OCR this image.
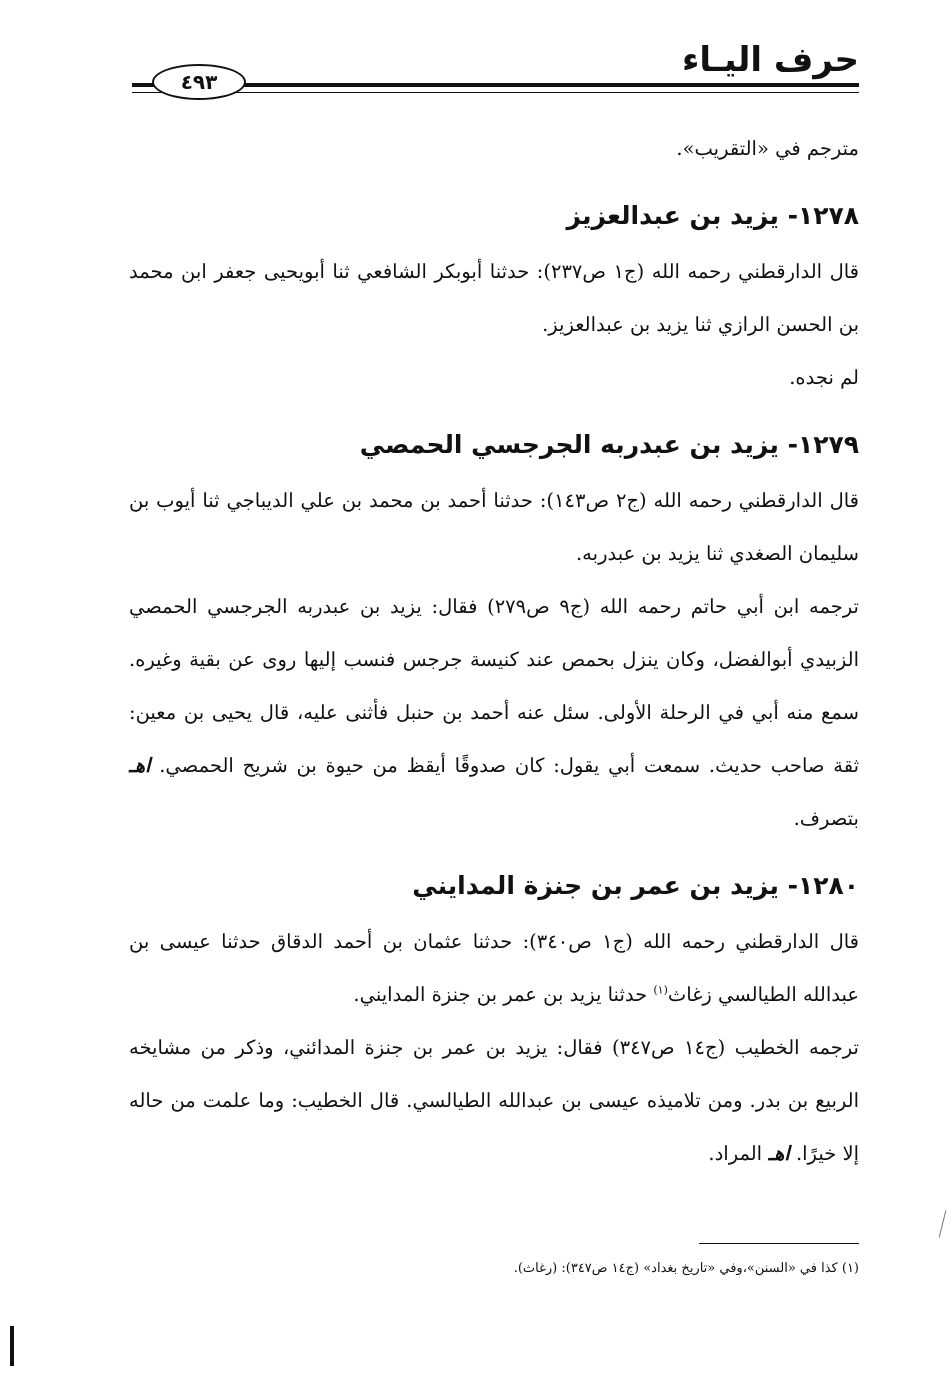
حرف اليـاء
٤٩٣

مترجم في «التقريب».

١٢٧٨- يزيد بن عبدالعزيز

قال الدارقطني رحمه الله (ج١ ص٢٣٧): حدثنا أبوبكر الشافعي ثنا أبويحيى جعفر ابن محمد بن الحسن الرازي ثنا يزيد بن عبدالعزيز.

لم نجده.

١٢٧٩- يزيد بن عبدربه الجرجسي الحمصي

قال الدارقطني رحمه الله (ج٢ ص١٤٣): حدثنا أحمد بن محمد بن علي الديباجي ثنا أيوب بن سليمان الصغدي ثنا يزيد بن عبدربه.

ترجمه ابن أبي حاتم رحمه الله (ج٩ ص٢٧٩) فقال: يزيد بن عبدربه الجرجسي الحمصي الزبيدي أبوالفضل، وكان ينزل بحمص عند كنيسة جرجس فنسب إليها روى عن بقية وغيره. سمع منه أبي في الرحلة الأولى. سئل عنه أحمد بن حنبل فأثنى عليه، قال يحيى بن معين: ثقة صاحب حديث. سمعت أبي يقول: كان صدوقًا أيقظ من حيوة بن شريح الحمصي. اهـ بتصرف.

١٢٨٠- يزيد بن عمر بن جنزة المدايني

قال الدارقطني رحمه الله (ج١ ص٣٤٠): حدثنا عثمان بن أحمد الدقاق حدثنا عيسى بن عبدالله الطيالسي زغاث$^{(١)}$ حدثنا يزيد بن عمر بن جنزة المدايني.

ترجمه الخطيب (ج١٤ ص٣٤٧) فقال: يزيد بن عمر بن جنزة المدائني، وذكر من مشايخه الربيع بن بدر. ومن تلاميذه عيسى بن عبدالله الطيالسي. قال الخطيب: وما علمت من حاله إلا خيرًا. اهـ المراد.

(١) كذا في «السنن»،وفي «تاريخ بغداد» (ج١٤ ص٣٤٧): (رغاث).
